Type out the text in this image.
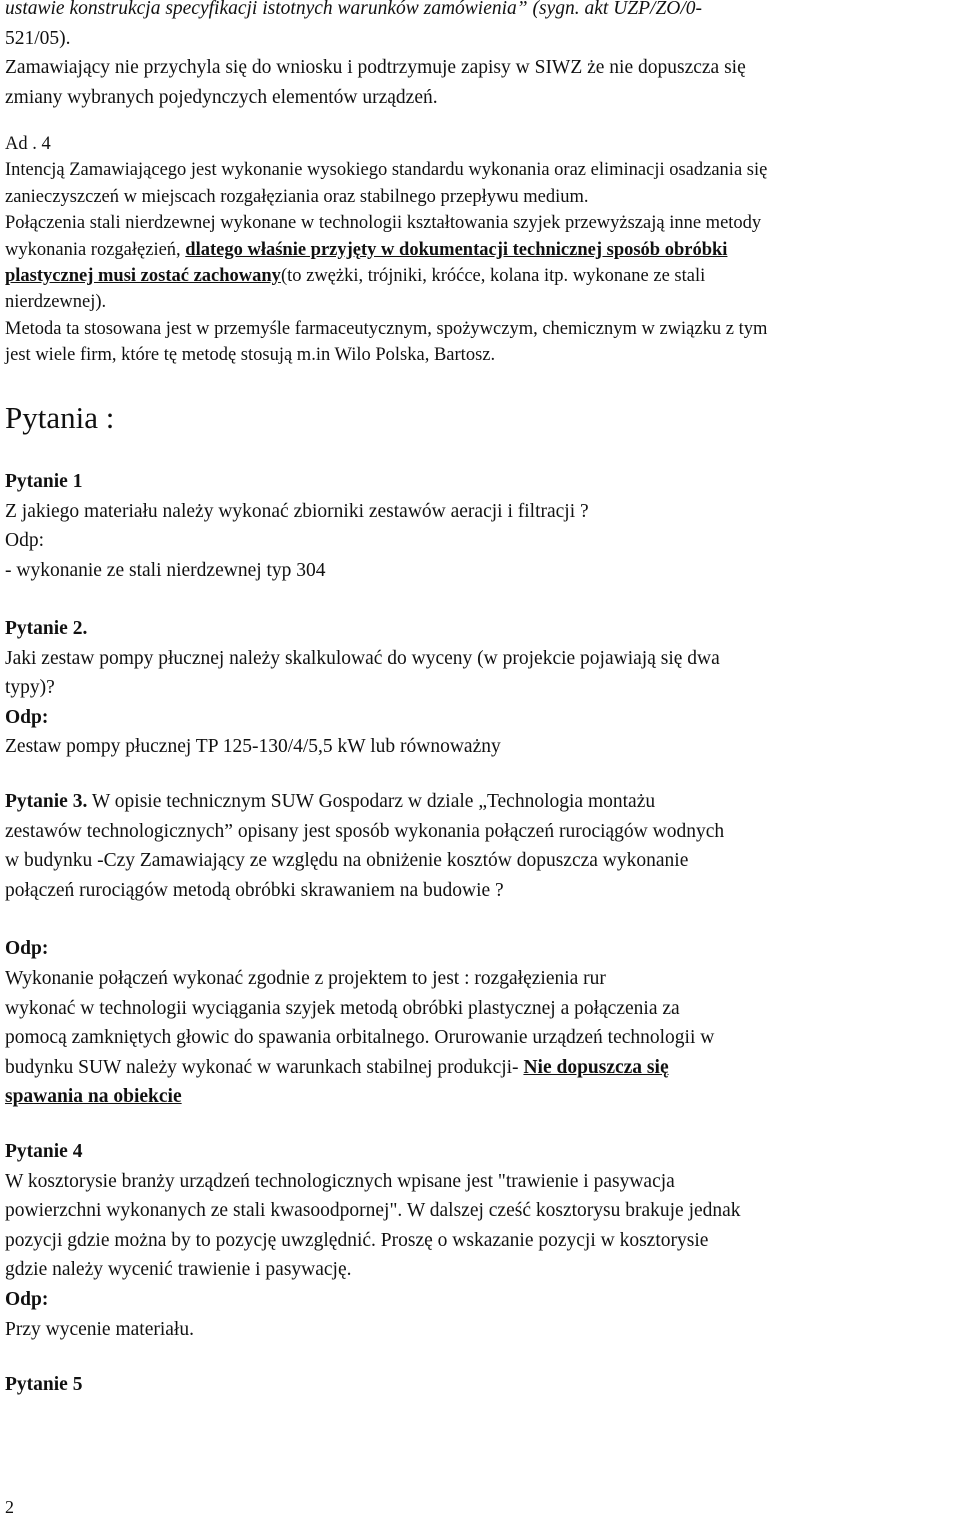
ustawie konstrukcja specyfikacji istotnych warunków zamówienia” (sygn. akt UZP/ZO/0-

521/05).

Zamawiający nie przychyla się do wniosku i podtrzymuje zapisy w SIWZ że nie dopuszcza się

zmiany wybranych pojedynczych elementów urządzeń.

Ad . 4

Intencją Zamawiającego jest wykonanie wysokiego standardu wykonania oraz eliminacji osadzania się

zanieczyszczeń w miejscach rozgałęziania oraz stabilnego przepływu medium.

Połączenia stali nierdzewnej wykonane w technologii kształtowania szyjek przewyższają inne metody

wykonania rozgałęzień, dlatego właśnie przyjęty w dokumentacji technicznej sposób obróbki

plastycznej musi zostać zachowany(to zwężki, trójniki, króćce, kolana itp. wykonane ze stali

nierdzewnej).

Metoda ta stosowana jest w przemyśle farmaceutycznym, spożywczym, chemicznym w związku z tym

jest wiele firm, które tę metodę stosują m.in Wilo Polska, Bartosz.

Pytania :

Pytanie 1

Z jakiego materiału należy wykonać zbiorniki zestawów aeracji i filtracji ?

Odp:

- wykonanie ze stali nierdzewnej typ 304

Pytanie 2.

Jaki zestaw pompy płucznej należy skalkulować do wyceny (w projekcie pojawiają się dwa

typy)?

Odp:

Zestaw pompy płucznej TP 125-130/4/5,5 kW lub równoważny

Pytanie 3. W opisie technicznym SUW Gospodarz w dziale „Technologia montażu

zestawów technologicznych” opisany jest sposób wykonania połączeń rurociągów wodnych

w budynku -Czy Zamawiający ze względu na obniżenie kosztów dopuszcza wykonanie

połączeń rurociągów metodą obróbki skrawaniem na budowie ?

Odp:

Wykonanie połączeń wykonać zgodnie z projektem to jest : rozgałęzienia rur

wykonać w technologii wyciągania szyjek metodą obróbki plastycznej a połączenia za

pomocą zamkniętych głowic do spawania orbitalnego. Orurowanie urządzeń technologii w

budynku SUW należy wykonać w warunkach stabilnej produkcji- Nie dopuszcza się

spawania na obiekcie

Pytanie 4

W kosztorysie branży urządzeń technologicznych wpisane jest "trawienie i pasywacja

powierzchni wykonanych ze stali kwasoodpornej". W dalszej cześć kosztorysu brakuje jednak

pozycji gdzie można by to pozycję uwzględnić. Proszę o wskazanie pozycji w kosztorysie

gdzie należy wycenić trawienie i pasywację.

Odp:

Przy wycenie materiału.

Pytanie 5

2
